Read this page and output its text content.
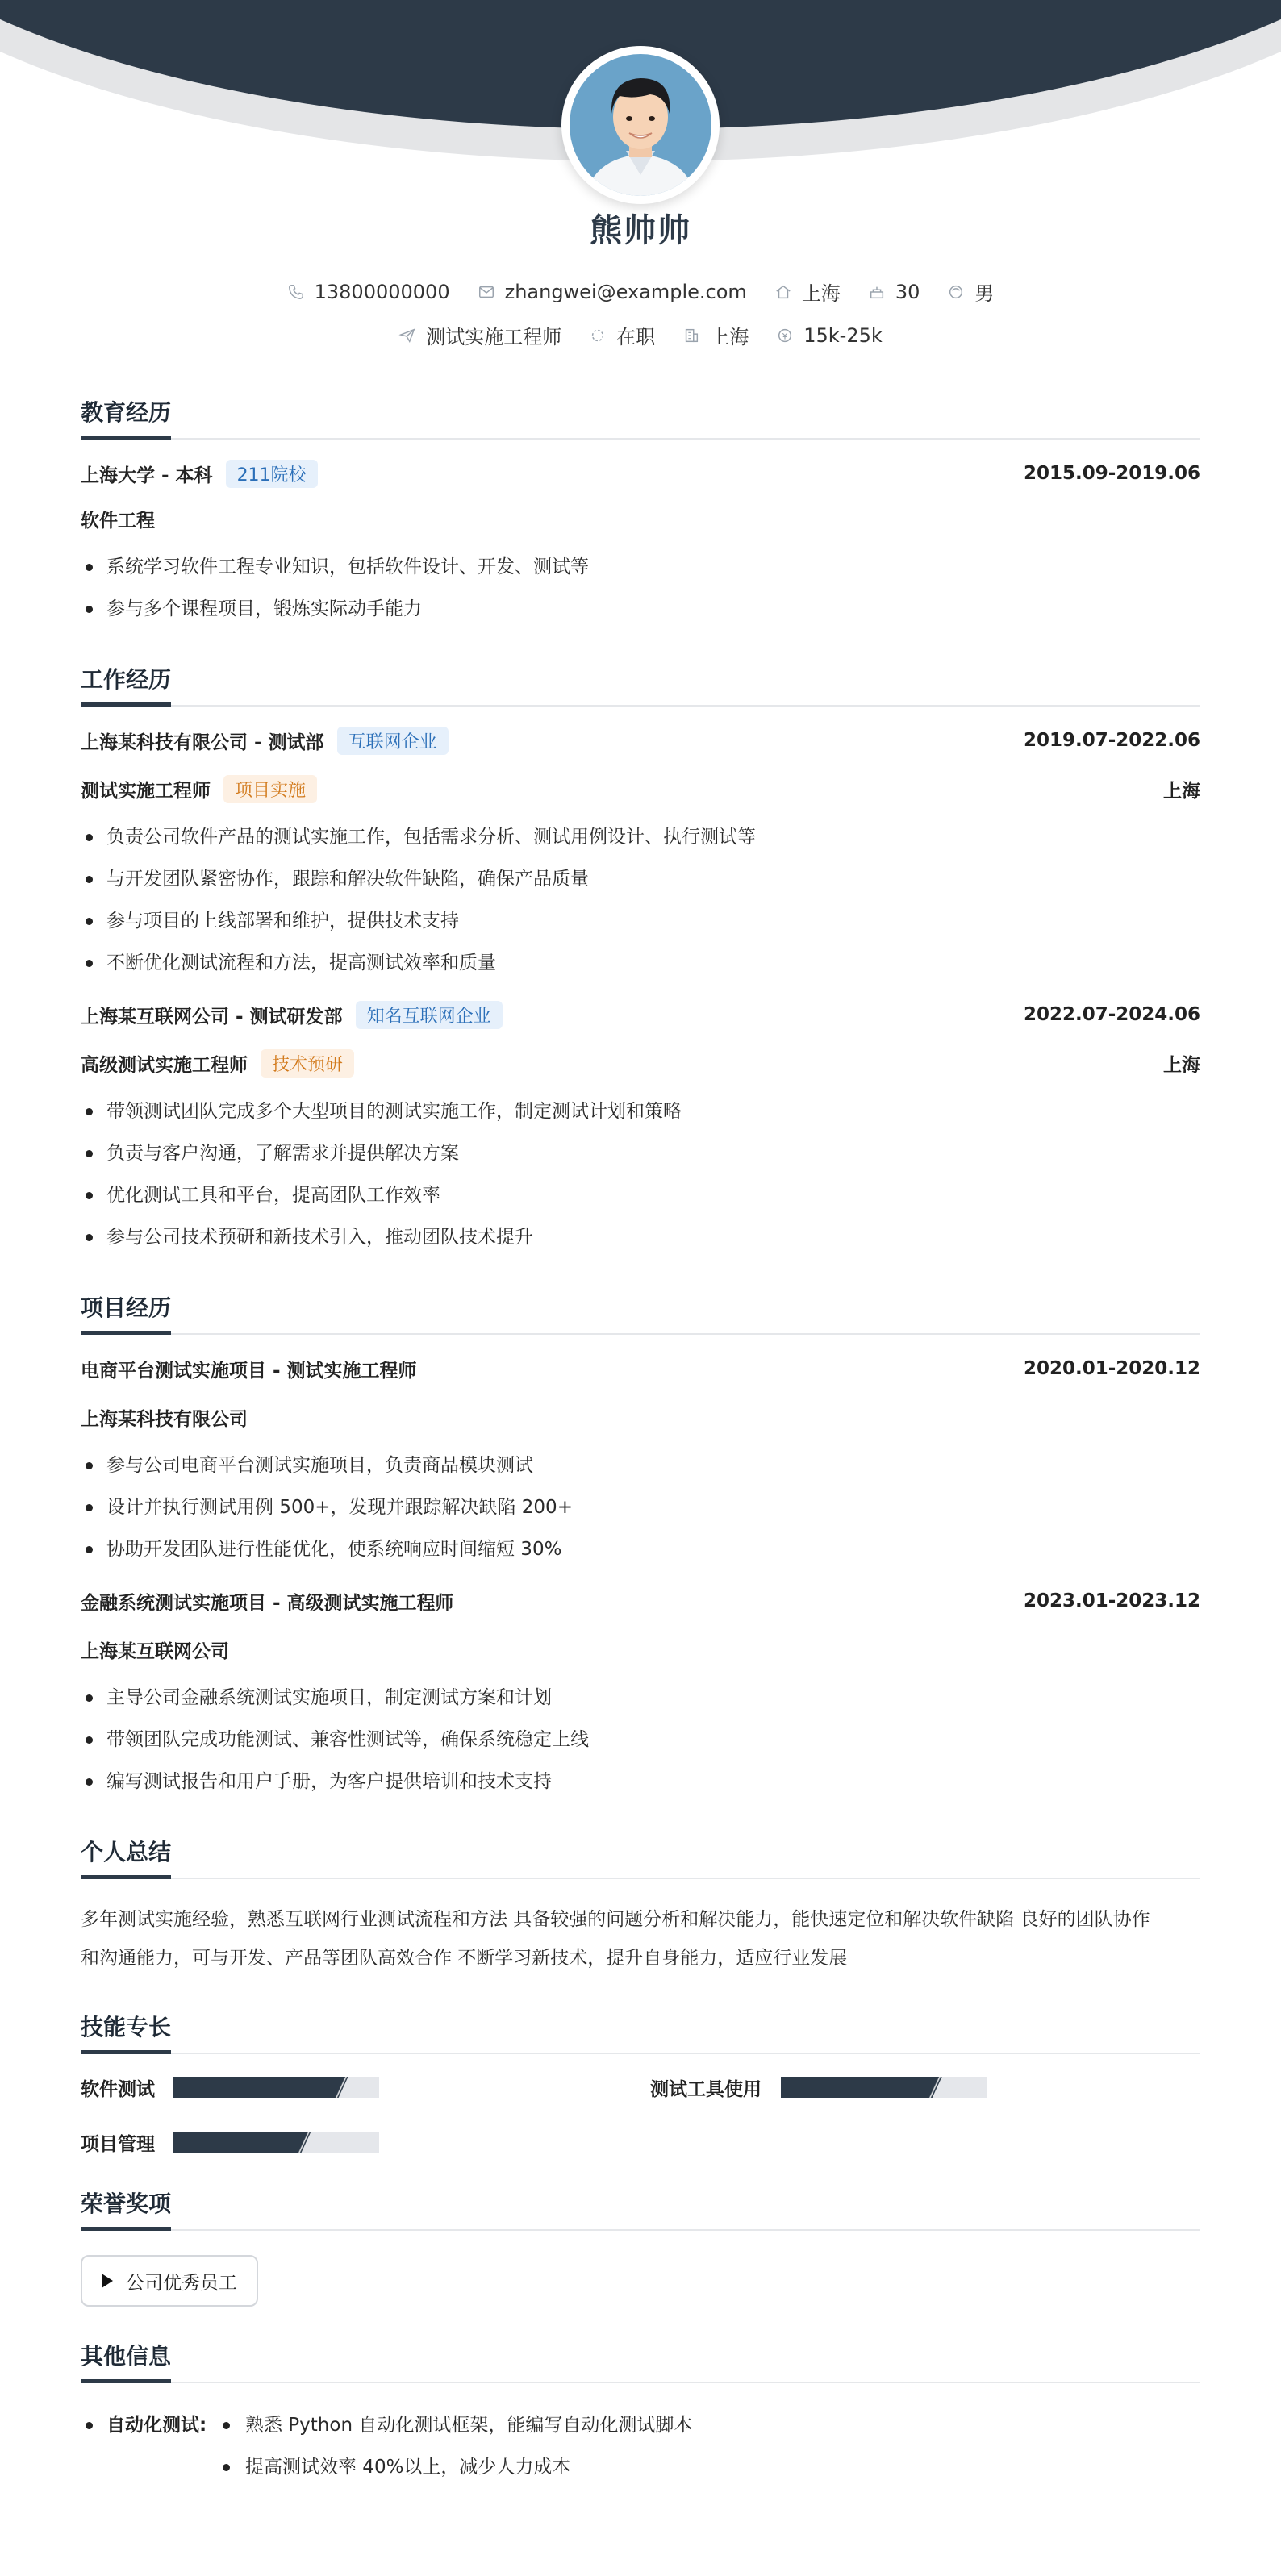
熊帅帅
13800000000	zhangwei@example.com	上海	30	男
测试实施工程师	在职	上海	15k-25k
教育经历
上海大学 - 本科	211院校	2015.09-2019.06
软件工程
系统学习软件工程专业知识，包括软件设计、开发、测试等
参与多个课程项目，锻炼实际动手能力
工作经历
上海某科技有限公司 - 测试部	互联网企业	2019.07-2022.06
测试实施工程师	项目实施	上海
负责公司软件产品的测试实施工作，包括需求分析、测试用例设计、执行测试等
与开发团队紧密协作，跟踪和解决软件缺陷，确保产品质量
参与项目的上线部署和维护，提供技术支持
不断优化测试流程和方法，提高测试效率和质量
上海某互联网公司 - 测试研发部	知名互联网企业	2022.07-2024.06
高级测试实施工程师	技术预研	上海
带领测试团队完成多个大型项目的测试实施工作，制定测试计划和策略
负责与客户沟通，了解需求并提供解决方案
优化测试工具和平台，提高团队工作效率
参与公司技术预研和新技术引入，推动团队技术提升
项目经历
电商平台测试实施项目 - 测试实施工程师	2020.01-2020.12
上海某科技有限公司
参与公司电商平台测试实施项目，负责商品模块测试
设计并执行测试用例 500+，发现并跟踪解决缺陷 200+
协助开发团队进行性能优化，使系统响应时间缩短 30%
金融系统测试实施项目 - 高级测试实施工程师	2023.01-2023.12
上海某互联网公司
主导公司金融系统测试实施项目，制定测试方案和计划
带领团队完成功能测试、兼容性测试等，确保系统稳定上线
编写测试报告和用户手册，为客户提供培训和技术支持
个人总结
多年测试实施经验，熟悉互联网行业测试流程和方法 具备较强的问题分析和解决能力，能快速定位和解决软件缺陷 良好的团队协作
和沟通能力，可与开发、产品等团队高效合作 不断学习新技术，提升自身能力，适应行业发展
技能专长
软件测试	测试工具使用
项目管理
荣誉奖项
公司优秀员工
其他信息
自动化测试:	熟悉 Python 自动化测试框架，能编写自动化测试脚本
提高测试效率 40%以上，减少人力成本
